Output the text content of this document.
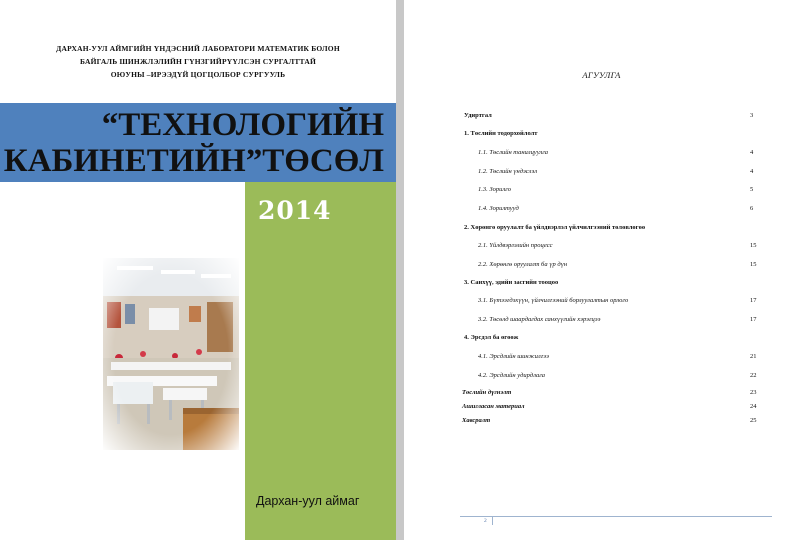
ДАРХАН-УУЛ АЙМГИЙН ҮНДЭСНИЙ ЛАБОРАТОРИ МАТЕМАТИК БОЛОН
БАЙГАЛЬ ШИНЖЛЭЛИЙН ГҮНЗГИЙРҮҮЛСЭН СУРГАЛТТАЙ
ОЮУНЫ –ИРЭЭДҮЙ ЦОГЦОЛБОР СУРГУУЛЬ
“ТЕХНОЛОГИЙН
КАБИНЕТИЙН”ТӨСӨЛ
2014
Дархан-уул аймаг
АГУУЛГА
Удиртгал	3
1. Төслийн тодорхойлолт
1.1. Төслийн танилцуулга	4
1.2. Төслийн үндэслэл	4
1.3. Зорилго	5
1.4. Зорилтууд	6
2. Хөрөнгө оруулалт ба үйлдвэрлэл үйлчилгээний төлөвлөгөө
2.1. Үйлдвэрлэлийн процесс	15
2.2. Хөрөнгө оруулалт ба үр дүн	15
3. Санхүү, эдийн засгийн тооцоо
3.1. Бүтээгдэхүүн, үйлчилгээний борлуулалтын орлого	17
3.2. Төсөлд шаардагдах санхүүгийн хэрэгцээ	17
4. Эрсдэл ба өгөөж
4.1. Эрсдлийн шинжилгээ	21
4.2. Эрсдлийн удирдлага	22
Төслийн дүгнэлт	23
Ашигласан материал	24
Хавсралт	25
2
